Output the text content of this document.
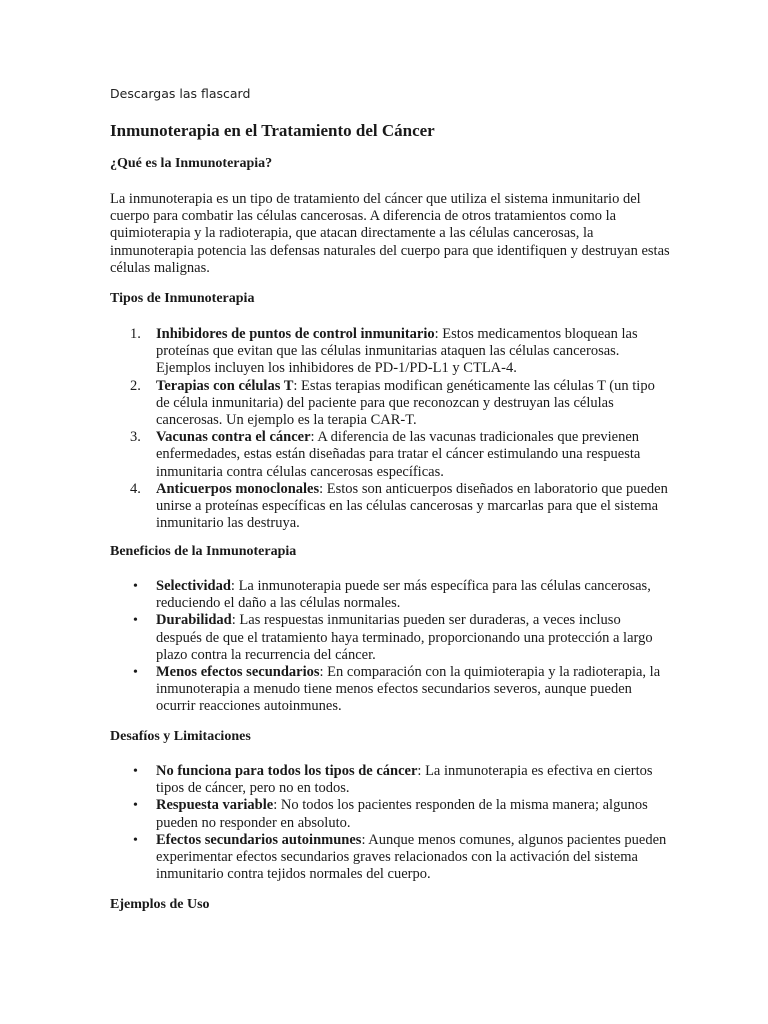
Descargas las flascard
Inmunoterapia en el Tratamiento del Cáncer
¿Qué es la Inmunoterapia?

La inmunoterapia es un tipo de tratamiento del cáncer que utiliza el sistema inmunitario del cuerpo para combatir las células cancerosas. A diferencia de otros tratamientos como la quimioterapia y la radioterapia, que atacan directamente a las células cancerosas, la inmunoterapia potencia las defensas naturales del cuerpo para que identifiquen y destruyan estas células malignas.

Tipos de Inmunoterapia
1. Inhibidores de puntos de control inmunitario: Estos medicamentos bloquean las proteínas que evitan que las células inmunitarias ataquen las células cancerosas. Ejemplos incluyen los inhibidores de PD-1/PD-L1 y CTLA-4.
2. Terapias con células T: Estas terapias modifican genéticamente las células T (un tipo de célula inmunitaria) del paciente para que reconozcan y destruyan las células cancerosas. Un ejemplo es la terapia CAR-T.
3. Vacunas contra el cáncer: A diferencia de las vacunas tradicionales que previenen enfermedades, estas están diseñadas para tratar el cáncer estimulando una respuesta inmunitaria contra células cancerosas específicas.
4. Anticuerpos monoclonales: Estos son anticuerpos diseñados en laboratorio que pueden unirse a proteínas específicas en las células cancerosas y marcarlas para que el sistema inmunitario las destruya.
Beneficios de la Inmunoterapia
• Selectividad: La inmunoterapia puede ser más específica para las células cancerosas, reduciendo el daño a las células normales.
• Durabilidad: Las respuestas inmunitarias pueden ser duraderas, a veces incluso después de que el tratamiento haya terminado, proporcionando una protección a largo plazo contra la recurrencia del cáncer.
• Menos efectos secundarios: En comparación con la quimioterapia y la radioterapia, la inmunoterapia a menudo tiene menos efectos secundarios severos, aunque pueden ocurrir reacciones autoinmunes.
Desafíos y Limitaciones
• No funciona para todos los tipos de cáncer: La inmunoterapia es efectiva en ciertos tipos de cáncer, pero no en todos.
• Respuesta variable: No todos los pacientes responden de la misma manera; algunos pueden no responder en absoluto.
• Efectos secundarios autoinmunes: Aunque menos comunes, algunos pacientes pueden experimentar efectos secundarios graves relacionados con la activación del sistema inmunitario contra tejidos normales del cuerpo.
Ejemplos de Uso
